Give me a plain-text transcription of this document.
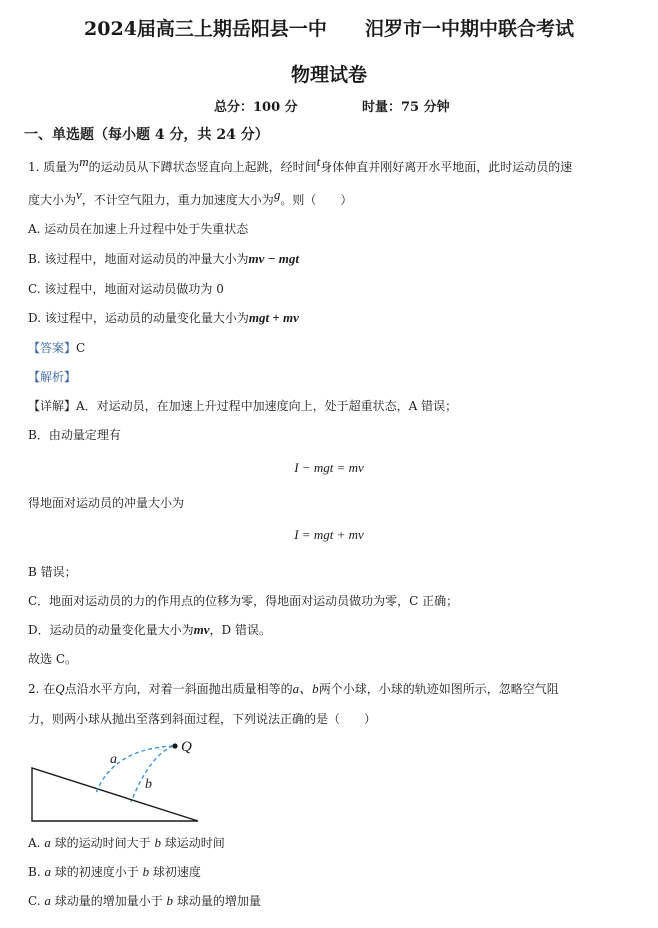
2024届高三上期岳阳县一中 汨罗市一中期中联合考试
物理试卷
总分：100 分	时量：75 分钟
一、单选题（每小题 4 分，共 24 分）
1. 质量为$^m$的运动员从下蹲状态竖直向上起跳，经时间$^t$身体伸直并刚好离开水平地面，此时运动员的速
度大小为$^v$，不计空气阻力，重力加速度大小为$^g$。则（　　）
A. 运动员在加速上升过程中处于失重状态
B. 该过程中，地面对运动员的冲量大小为mv − mgt
C. 该过程中，地面对运动员做功为 0
D. 该过程中，运动员的动量变化量大小为mgt + mv
【答案】C
【解析】
【详解】A．对运动员，在加速上升过程中加速度向上，处于超重状态，A 错误；
B．由动量定理有
I − mgt = mv
得地面对运动员的冲量大小为
I = mgt + mv
B 错误；
C．地面对运动员的力的作用点的位移为零，得地面对运动员做功为零，C 正确；
D．运动员的动量变化量大小为mv，D 错误。
故选 C。
2. 在Q点沿水平方向，对着一斜面抛出质量相等的a、b两个小球，小球的轨迹如图所示，忽略空气阻
力，则两小球从抛出至落到斜面过程，下列说法正确的是（　　）
a
b
Q
A. a 球的运动时间大于 b 球运动时间
B. a 球的初速度小于 b 球初速度
C. a 球动量的增加量小于 b 球动量的增加量
